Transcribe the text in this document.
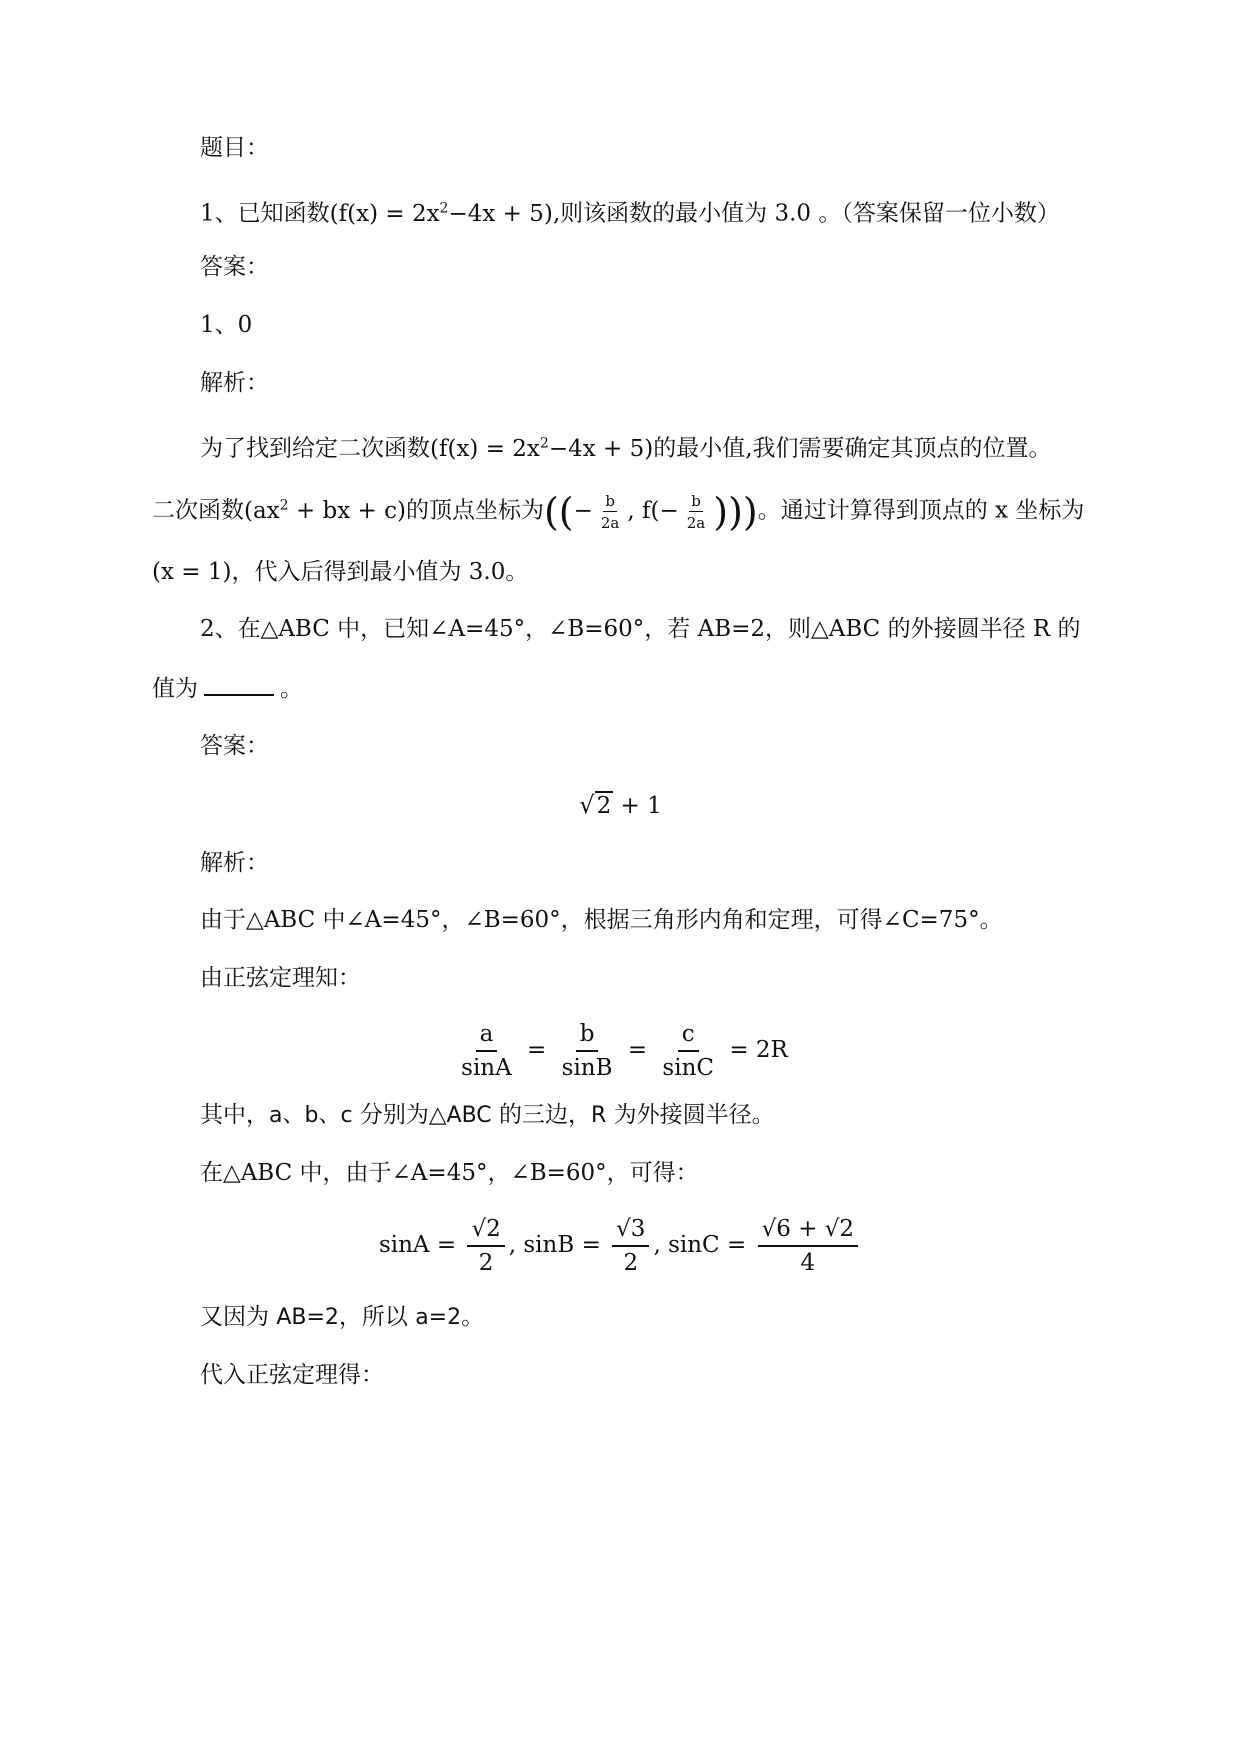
题目：
1、已知函数$(f(x) = 2x^2-4x + 5)$,则该函数的最小值为 3.0 。（答案保留一位小数）
答案：
1、0
解析：
为了找到给定二次函数$(f(x) = 2x^2-4x + 5)$的最小值,我们需要确定其顶点的位置。
二次函数($ax^2$ + bx + c)的顶点坐标为((− $\frac{b}{2a}$ , $f(- \frac{b}{2a}$ )))。通过计算得到顶点的 x 坐标为
(x = 1)，代入后得到最小值为 3.0。
2、在△ABC 中，已知∠A=45°，∠B=60°，若 AB=2，则△ABC 的外接圆半径 R 的
值为	。
答案：
√2 + 1
解析：
由于△ABC 中∠A=45°，∠B=60°，根据三角形内角和定理，可得∠C=75°。
由正弦定理知：
$\frac{a}{\sin A} = \frac{b}{\sin B} = \frac{c}{\sin C} = 2R$
其中，a、b、c 分别为△ABC 的三边，R 为外接圆半径。
在△ABC 中，由于∠A=45°，∠B=60°，可得：
$\sin A = \frac{√2}{2}$ , $\sin B = \frac{√3}{2}$ , $\sin C = \frac{√6 + √2}{4}$
又因为 AB=2，所以 a=2。
代入正弦定理得：
